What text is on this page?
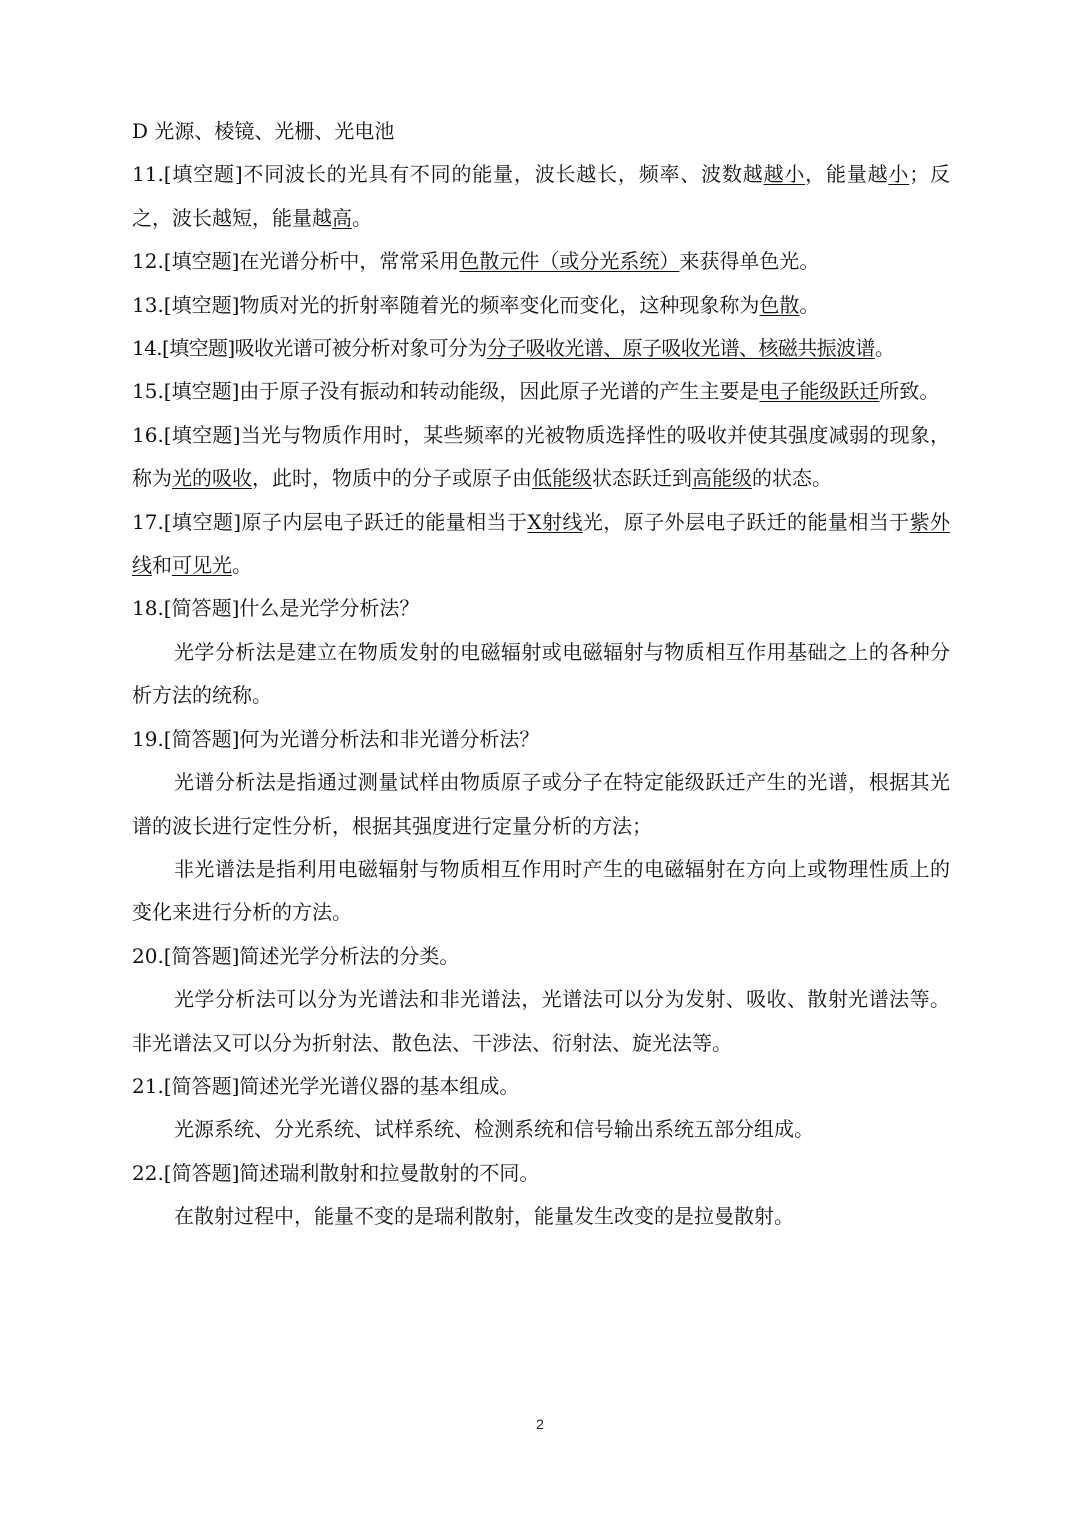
D 光源、棱镜、光栅、光电池

11.[填空题]不同波长的光具有不同的能量，波长越长，频率、波数越越小，能量越小；反之，波长越短，能量越高。

12.[填空题]在光谱分析中，常常采用色散元件（或分光系统）来获得单色光。

13.[填空题]物质对光的折射率随着光的频率变化而变化，这种现象称为色散。

14.[填空题]吸收光谱可被分析对象可分为分子吸收光谱、原子吸收光谱、核磁共振波谱。

15.[填空题]由于原子没有振动和转动能级，因此原子光谱的产生主要是电子能级跃迁所致。

16.[填空题]当光与物质作用时，某些频率的光被物质选择性的吸收并使其强度减弱的现象，称为光的吸收，此时，物质中的分子或原子由低能级状态跃迁到高能级的状态。

17.[填空题]原子内层电子跃迁的能量相当于X射线光，原子外层电子跃迁的能量相当于紫外线和可见光。

18.[简答题]什么是光学分析法？

光学分析法是建立在物质发射的电磁辐射或电磁辐射与物质相互作用基础之上的各种分析方法的统称。

19.[简答题]何为光谱分析法和非光谱分析法？

光谱分析法是指通过测量试样由物质原子或分子在特定能级跃迁产生的光谱，根据其光谱的波长进行定性分析，根据其强度进行定量分析的方法；

非光谱法是指利用电磁辐射与物质相互作用时产生的电磁辐射在方向上或物理性质上的变化来进行分析的方法。

20.[简答题]简述光学分析法的分类。

光学分析法可以分为光谱法和非光谱法，光谱法可以分为发射、吸收、散射光谱法等。非光谱法又可以分为折射法、散色法、干涉法、衍射法、旋光法等。

21.[简答题]简述光学光谱仪器的基本组成。

光源系统、分光系统、试样系统、检测系统和信号输出系统五部分组成。

22.[简答题]简述瑞利散射和拉曼散射的不同。

在散射过程中，能量不变的是瑞利散射，能量发生改变的是拉曼散射。

2
